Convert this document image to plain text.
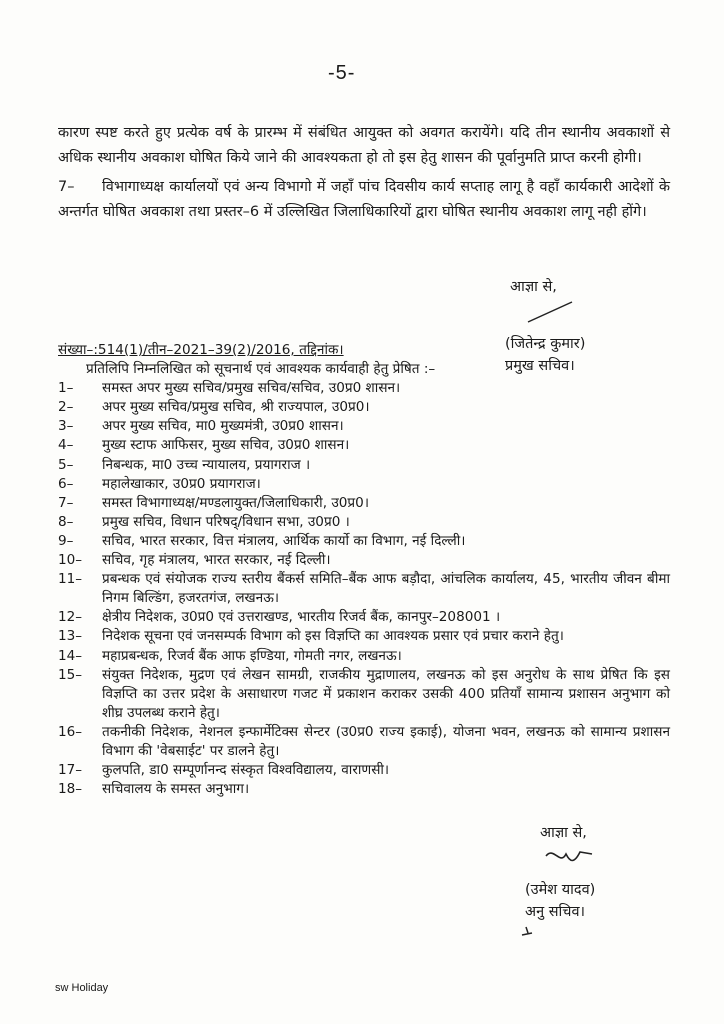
-5-

कारण स्पष्ट करते हुए प्रत्येक वर्ष के प्रारम्भ में संबंधित आयुक्त को अवगत करायेंगे। यदि तीन स्थानीय अवकाशों से अधिक स्थानीय अवकाश घोषित किये जाने की आवश्यकता हो तो इस हेतु शासन की पूर्वानुमति प्राप्त करनी होगी।

7– विभागाध्यक्ष कार्यालयों एवं अन्य विभागो में जहाँ पांच दिवसीय कार्य सप्ताह लागू है वहाँ कार्यकारी आदेशों के अन्तर्गत घोषित अवकाश तथा प्रस्तर–6 में उल्लिखित जिलाधिकारियों द्वारा घोषित स्थानीय अवकाश लागू नही होंगे।

आज्ञा से,
(जितेन्द्र कुमार)
प्रमुख सचिव।
संख्या–:514(1)/तीन–2021–39(2)/2016, तद्दिनांक।
प्रतिलिपि निम्नलिखित को सूचनार्थ एवं आवश्यक कार्यवाही हेतु प्रेषित :–
1–	समस्त अपर मुख्य सचिव/प्रमुख सचिव/सचिव, उ0प्र0 शासन।
2–	अपर मुख्य सचिव/प्रमुख सचिव, श्री राज्यपाल, उ0प्र0।
3–	अपर मुख्य सचिव, मा0 मुख्यमंत्री, उ0प्र0 शासन।
4–	मुख्य स्टाफ आफिसर, मुख्य सचिव, उ0प्र0 शासन।
5–	निबन्धक, मा0 उच्च न्यायालय, प्रयागराज ।
6–	महालेखाकार, उ0प्र0 प्रयागराज।
7–	समस्त विभागाध्यक्ष/मण्डलायुक्त/जिलाधिकारी, उ0प्र0।
8–	प्रमुख सचिव, विधान परिषद्/विधान सभा, उ0प्र0 ।
9–	सचिव, भारत सरकार, वित्त मंत्रालय, आर्थिक कार्यो का विभाग, नई दिल्ली।
10–	सचिव, गृह मंत्रालय, भारत सरकार, नई दिल्ली।
11–	प्रबन्धक एवं संयोजक राज्य स्तरीय बैंकर्स समिति–बैंक आफ बड़ौदा, आंचलिक कार्यालय, 45, भारतीय जीवन बीमा निगम बिल्डिंग, हजरतगंज, लखनऊ।
12–	क्षेत्रीय निदेशक, उ0प्र0 एवं उत्तराखण्ड, भारतीय रिजर्व बैंक, कानपुर–208001 ।
13–	निदेशक सूचना एवं जनसम्पर्क विभाग को इस विज्ञप्ति का आवश्यक प्रसार एवं प्रचार कराने हेतु।
14–	महाप्रबन्धक, रिजर्व बैंक आफ इण्डिया, गोमती नगर, लखनऊ।
15–	संयुक्त निदेशक, मुद्रण एवं लेखन सामग्री, राजकीय मुद्राणालय, लखनऊ को इस अनुरोध के साथ प्रेषित कि इस विज्ञप्ति का उत्तर प्रदेश के असाधारण गजट में प्रकाशन कराकर उसकी 400 प्रतियॉं सामान्य प्रशासन अनुभाग को शीघ्र उपलब्ध कराने हेतु।
16–	तकनीकी निदेशक, नेशनल इन्फार्मेटिक्स सेन्टर (उ0प्र0 राज्य इकाई), योजना भवन, लखनऊ को सामान्य प्रशासन विभाग की 'वेबसाईट' पर डालने हेतु।
17–	कुलपति, डा0 सम्पूर्णानन्द संस्कृत विश्वविद्यालय, वाराणसी।
18–	सचिवालय के समस्त अनुभाग।
आज्ञा से,
(उमेश यादव)
अनु सचिव।
sw Holiday
